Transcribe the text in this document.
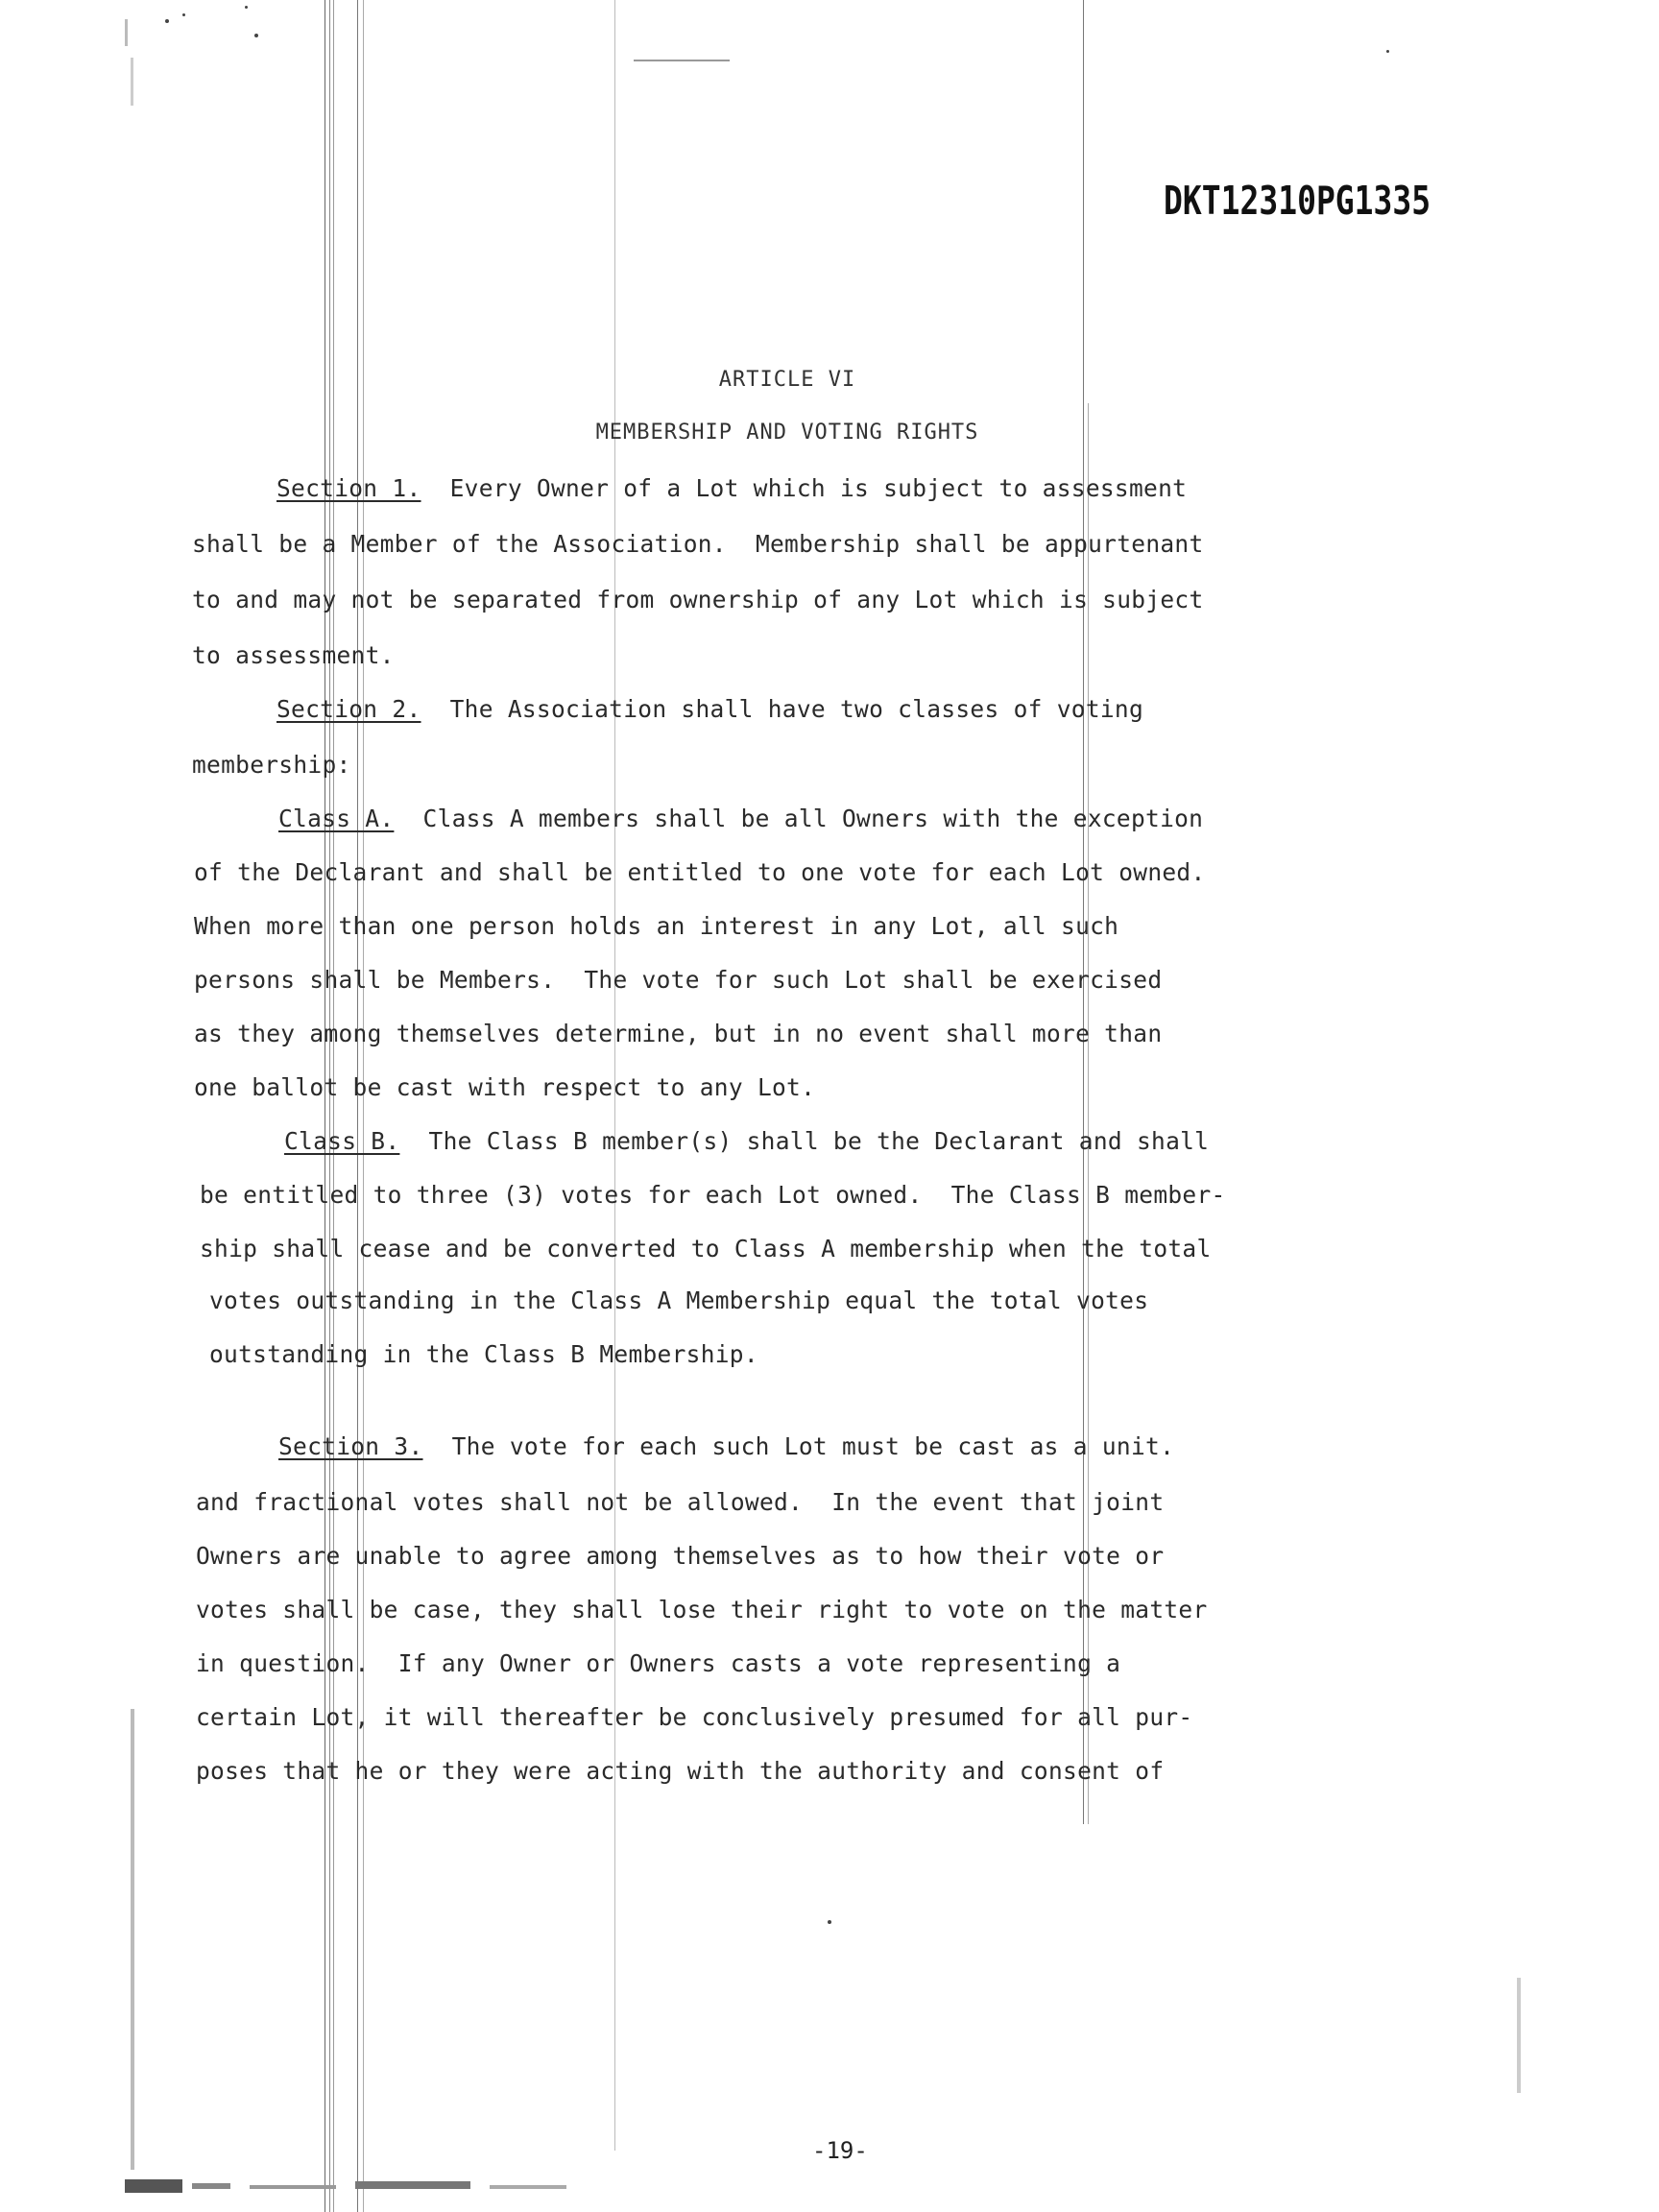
DKT12310PG1335
ARTICLE VI
MEMBERSHIP AND VOTING RIGHTS
Section 1. Every Owner of a Lot which is subject to assessment
shall be a Member of the Association.  Membership shall be appurtenant
to and may not be separated from ownership of any Lot which is subject
to assessment.
Section 2. The Association shall have two classes of voting
membership:
Class A. Class A members shall be all Owners with the exception
of the Declarant and shall be entitled to one vote for each Lot owned.
When more than one person holds an interest in any Lot, all such
persons shall be Members.  The vote for such Lot shall be exercised
as they among themselves determine, but in no event shall more than
one ballot be cast with respect to any Lot.
Class B. The Class B member(s) shall be the Declarant and shall
be entitled to three (3) votes for each Lot owned.  The Class B member-
ship shall cease and be converted to Class A membership when the total
votes outstanding in the Class A Membership equal the total votes
outstanding in the Class B Membership.
Section 3. The vote for each such Lot must be cast as a unit.
and fractional votes shall not be allowed.  In the event that joint
Owners are unable to agree among themselves as to how their vote or
votes shall be case, they shall lose their right to vote on the matter
in question.  If any Owner or Owners casts a vote representing a
certain Lot, it will thereafter be conclusively presumed for all pur-
poses that he or they were acting with the authority and consent of
-19-
